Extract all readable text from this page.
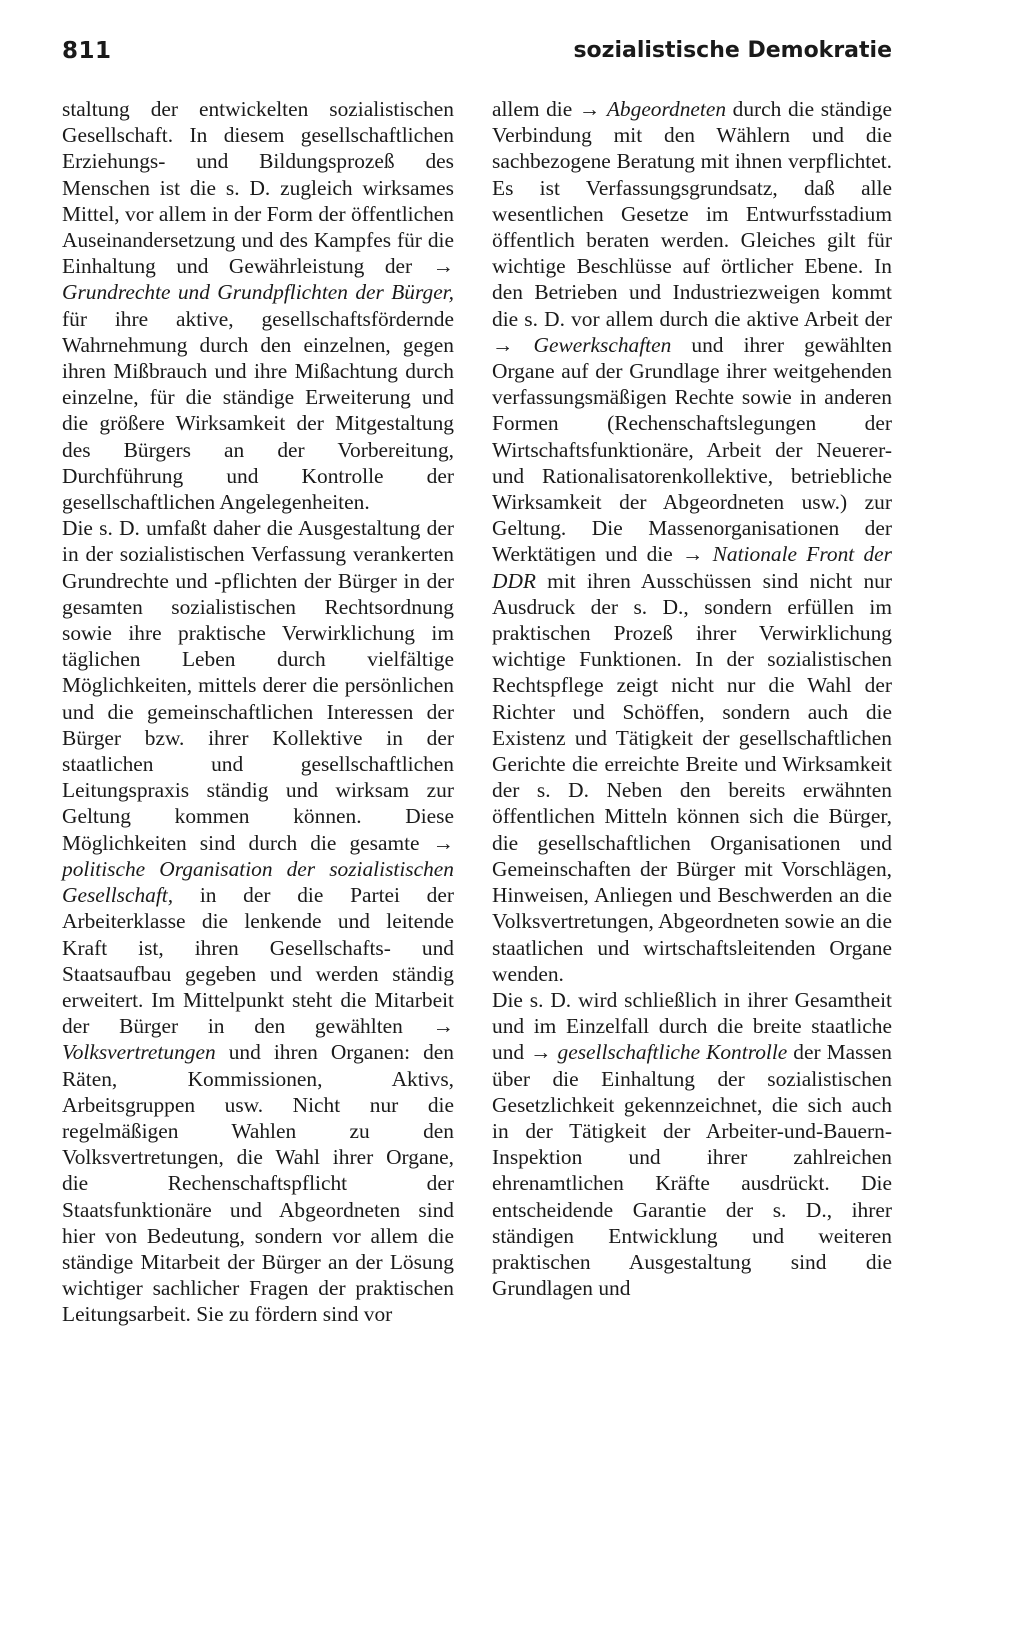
811	sozialistische Demokratie

staltung der entwickelten sozialistischen Gesellschaft. In diesem gesellschaftlichen Erziehungs- und Bildungsprozeß des Menschen ist die s. D. zugleich wirksames Mittel, vor allem in der Form der öffentlichen Auseinandersetzung und des Kampfes für die Einhaltung und Gewährleistung der → Grundrechte und Grundpflichten der Bürger, für ihre aktive, gesellschaftsfördernde Wahrnehmung durch den einzelnen, gegen ihren Mißbrauch und ihre Mißachtung durch einzelne, für die ständige Erweiterung und die größere Wirksamkeit der Mitgestaltung des Bürgers an der Vorbereitung, Durchführung und Kontrolle der gesellschaftlichen Angelegenheiten.

Die s. D. umfaßt daher die Ausgestaltung der in der sozialistischen Verfassung verankerten Grundrechte und -pflichten der Bürger in der gesamten sozialistischen Rechtsordnung sowie ihre praktische Verwirklichung im täglichen Leben durch vielfältige Möglichkeiten, mittels derer die persönlichen und die gemeinschaftlichen Interessen der Bürger bzw. ihrer Kollektive in der staatlichen und gesellschaftlichen Leitungspraxis ständig und wirksam zur Geltung kommen können. Diese Möglichkeiten sind durch die gesamte → politische Organisation der sozialistischen Gesellschaft, in der die Partei der Arbeiterklasse die lenkende und leitende Kraft ist, ihren Gesellschafts- und Staatsaufbau gegeben und werden ständig erweitert. Im Mittelpunkt steht die Mitarbeit der Bürger in den gewählten → Volksvertretungen und ihren Organen: den Räten, Kommissionen, Aktivs, Arbeitsgruppen usw. Nicht nur die regelmäßigen Wahlen zu den Volksvertretungen, die Wahl ihrer Organe, die Rechenschaftspflicht der Staatsfunktionäre und Abgeordneten sind hier von Bedeutung, sondern vor allem die ständige Mitarbeit der Bürger an der Lösung wichtiger sachlicher Fragen der praktischen Leitungsarbeit. Sie zu fördern sind vor

allem die → Abgeordneten durch die ständige Verbindung mit den Wählern und die sachbezogene Beratung mit ihnen verpflichtet. Es ist Verfassungsgrundsatz, daß alle wesentlichen Gesetze im Entwurfsstadium öffentlich beraten werden. Gleiches gilt für wichtige Beschlüsse auf örtlicher Ebene. In den Betrieben und Industriezweigen kommt die s. D. vor allem durch die aktive Arbeit der → Gewerkschaften und ihrer gewählten Organe auf der Grundlage ihrer weitgehenden verfassungsmäßigen Rechte sowie in anderen Formen (Rechenschaftslegungen der Wirtschaftsfunktionäre, Arbeit der Neuerer- und Rationalisatorenkollektive, betriebliche Wirksamkeit der Abgeordneten usw.) zur Geltung. Die Massenorganisationen der Werktätigen und die → Nationale Front der DDR mit ihren Ausschüssen sind nicht nur Ausdruck der s. D., sondern erfüllen im praktischen Prozeß ihrer Verwirklichung wichtige Funktionen. In der sozialistischen Rechtspflege zeigt nicht nur die Wahl der Richter und Schöffen, sondern auch die Existenz und Tätigkeit der gesellschaftlichen Gerichte die erreichte Breite und Wirksamkeit der s. D. Neben den bereits erwähnten öffentlichen Mitteln können sich die Bürger, die gesellschaftlichen Organisationen und Gemeinschaften der Bürger mit Vorschlägen, Hinweisen, Anliegen und Beschwerden an die Volksvertretungen, Abgeordneten sowie an die staatlichen und wirtschaftsleitenden Organe wenden.

Die s. D. wird schließlich in ihrer Gesamtheit und im Einzelfall durch die breite staatliche und → gesellschaftliche Kontrolle der Massen über die Einhaltung der sozialistischen Gesetzlichkeit gekennzeichnet, die sich auch in der Tätigkeit der Arbeiter-und-Bauern-Inspektion und ihrer zahlreichen ehrenamtlichen Kräfte ausdrückt. Die entscheidende Garantie der s. D., ihrer ständigen Entwicklung und weiteren praktischen Ausgestaltung sind die Grundlagen und
